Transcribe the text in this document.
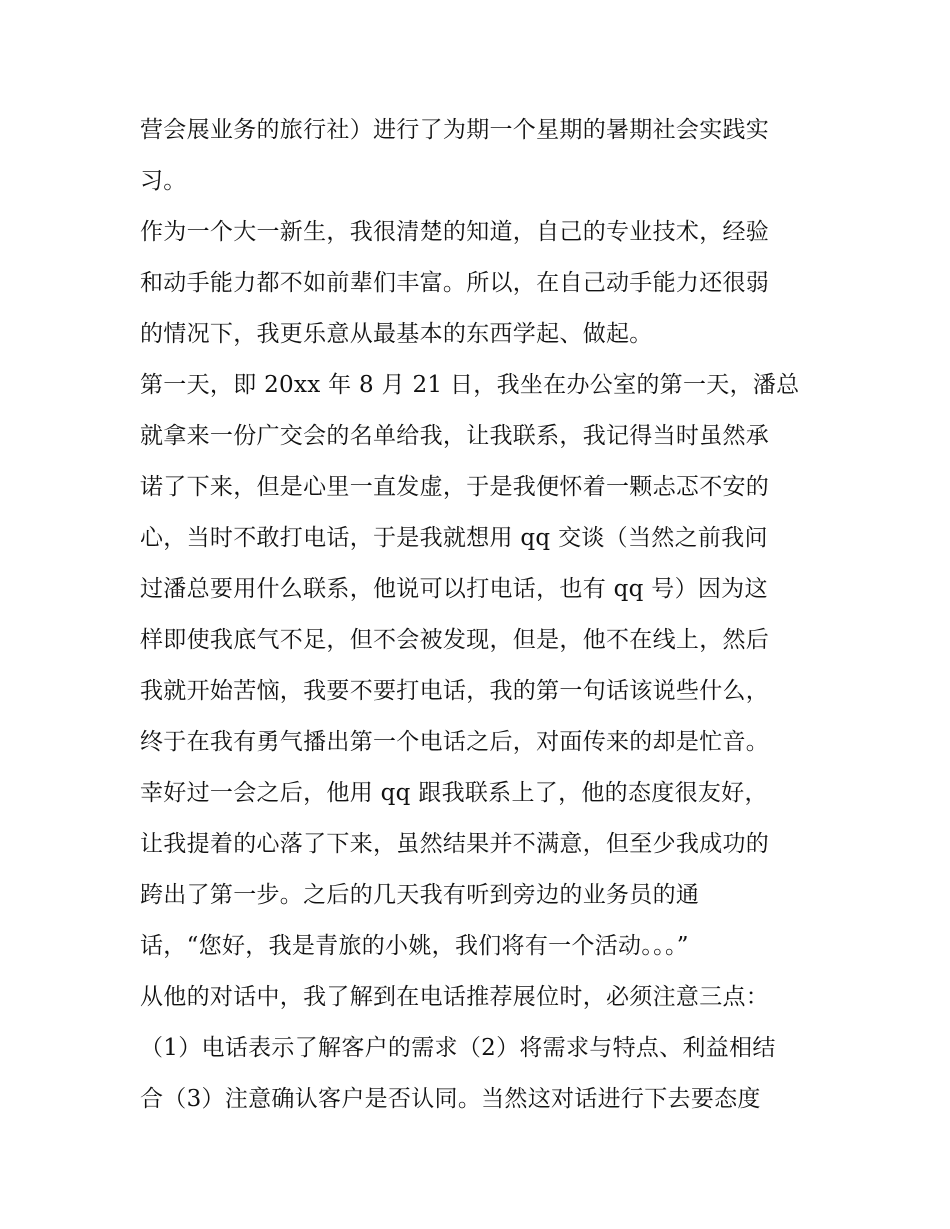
营会展业务的旅行社）进行了为期一个星期的暑期社会实践实
习。
作为一个大一新生，我很清楚的知道，自己的专业技术，经验
和动手能力都不如前辈们丰富。所以，在自己动手能力还很弱
的情况下，我更乐意从最基本的东西学起、做起。
第一天，即 20xx 年 8 月 21 日，我坐在办公室的第一天，潘总
就拿来一份广交会的名单给我，让我联系，我记得当时虽然承
诺了下来，但是心里一直发虚，于是我便怀着一颗忐忑不安的
心，当时不敢打电话，于是我就想用 qq 交谈（当然之前我问
过潘总要用什么联系，他说可以打电话，也有 qq 号）因为这
样即使我底气不足，但不会被发现，但是，他不在线上，然后
我就开始苦恼，我要不要打电话，我的第一句话该说些什么，
终于在我有勇气播出第一个电话之后，对面传来的却是忙音。
幸好过一会之后，他用 qq 跟我联系上了，他的态度很友好，
让我提着的心落了下来，虽然结果并不满意，但至少我成功的
跨出了第一步。之后的几天我有听到旁边的业务员的通
话，“您好，我是青旅的小姚，我们将有一个活动。。。”
从他的对话中，我了解到在电话推荐展位时，必须注意三点：
（1）电话表示了解客户的需求（2）将需求与特点、利益相结
合（3）注意确认客户是否认同。当然这对话进行下去要态度
